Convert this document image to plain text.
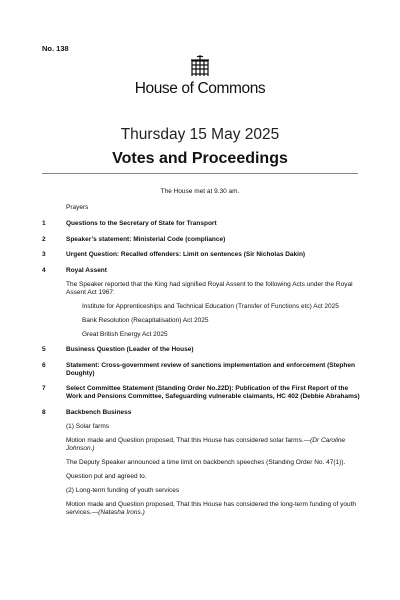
No. 138
House of Commons
Thursday 15 May 2025
Votes and Proceedings
The House met at 9.30 am.
Prayers
1	Questions to the Secretary of State for Transport
2	Speaker’s statement: Ministerial Code (compliance)
3	Urgent Question: Recalled offenders: Limit on sentences (Sir Nicholas Dakin)
4	Royal Assent
The Speaker reported that the King had signified Royal Assent to the following Acts under the Royal Assent Act 1967:
Institute for Apprenticeships and Technical Education (Transfer of Functions etc) Act 2025
Bank Resolution (Recapitalisation) Act 2025
Great British Energy Act 2025
5	Business Question (Leader of the House)
6	Statement: Cross-government review of sanctions implementation and enforcement (Stephen Doughty)
7	Select Committee Statement (Standing Order No.22D): Publication of the First Report of the Work and Pensions Committee, Safeguarding vulnerable claimants, HC 402 (Debbie Abrahams)
8	Backbench Business
(1) Solar farms
Motion made and Question proposed, That this House has considered solar farms.—(Dr Caroline Johnson.)
The Deputy Speaker announced a time limit on backbench speeches (Standing Order No. 47(1)).
Question put and agreed to.
(2) Long-term funding of youth services
Motion made and Question proposed, That this House has considered the long-term funding of youth services.—(Natasha Irons.)
